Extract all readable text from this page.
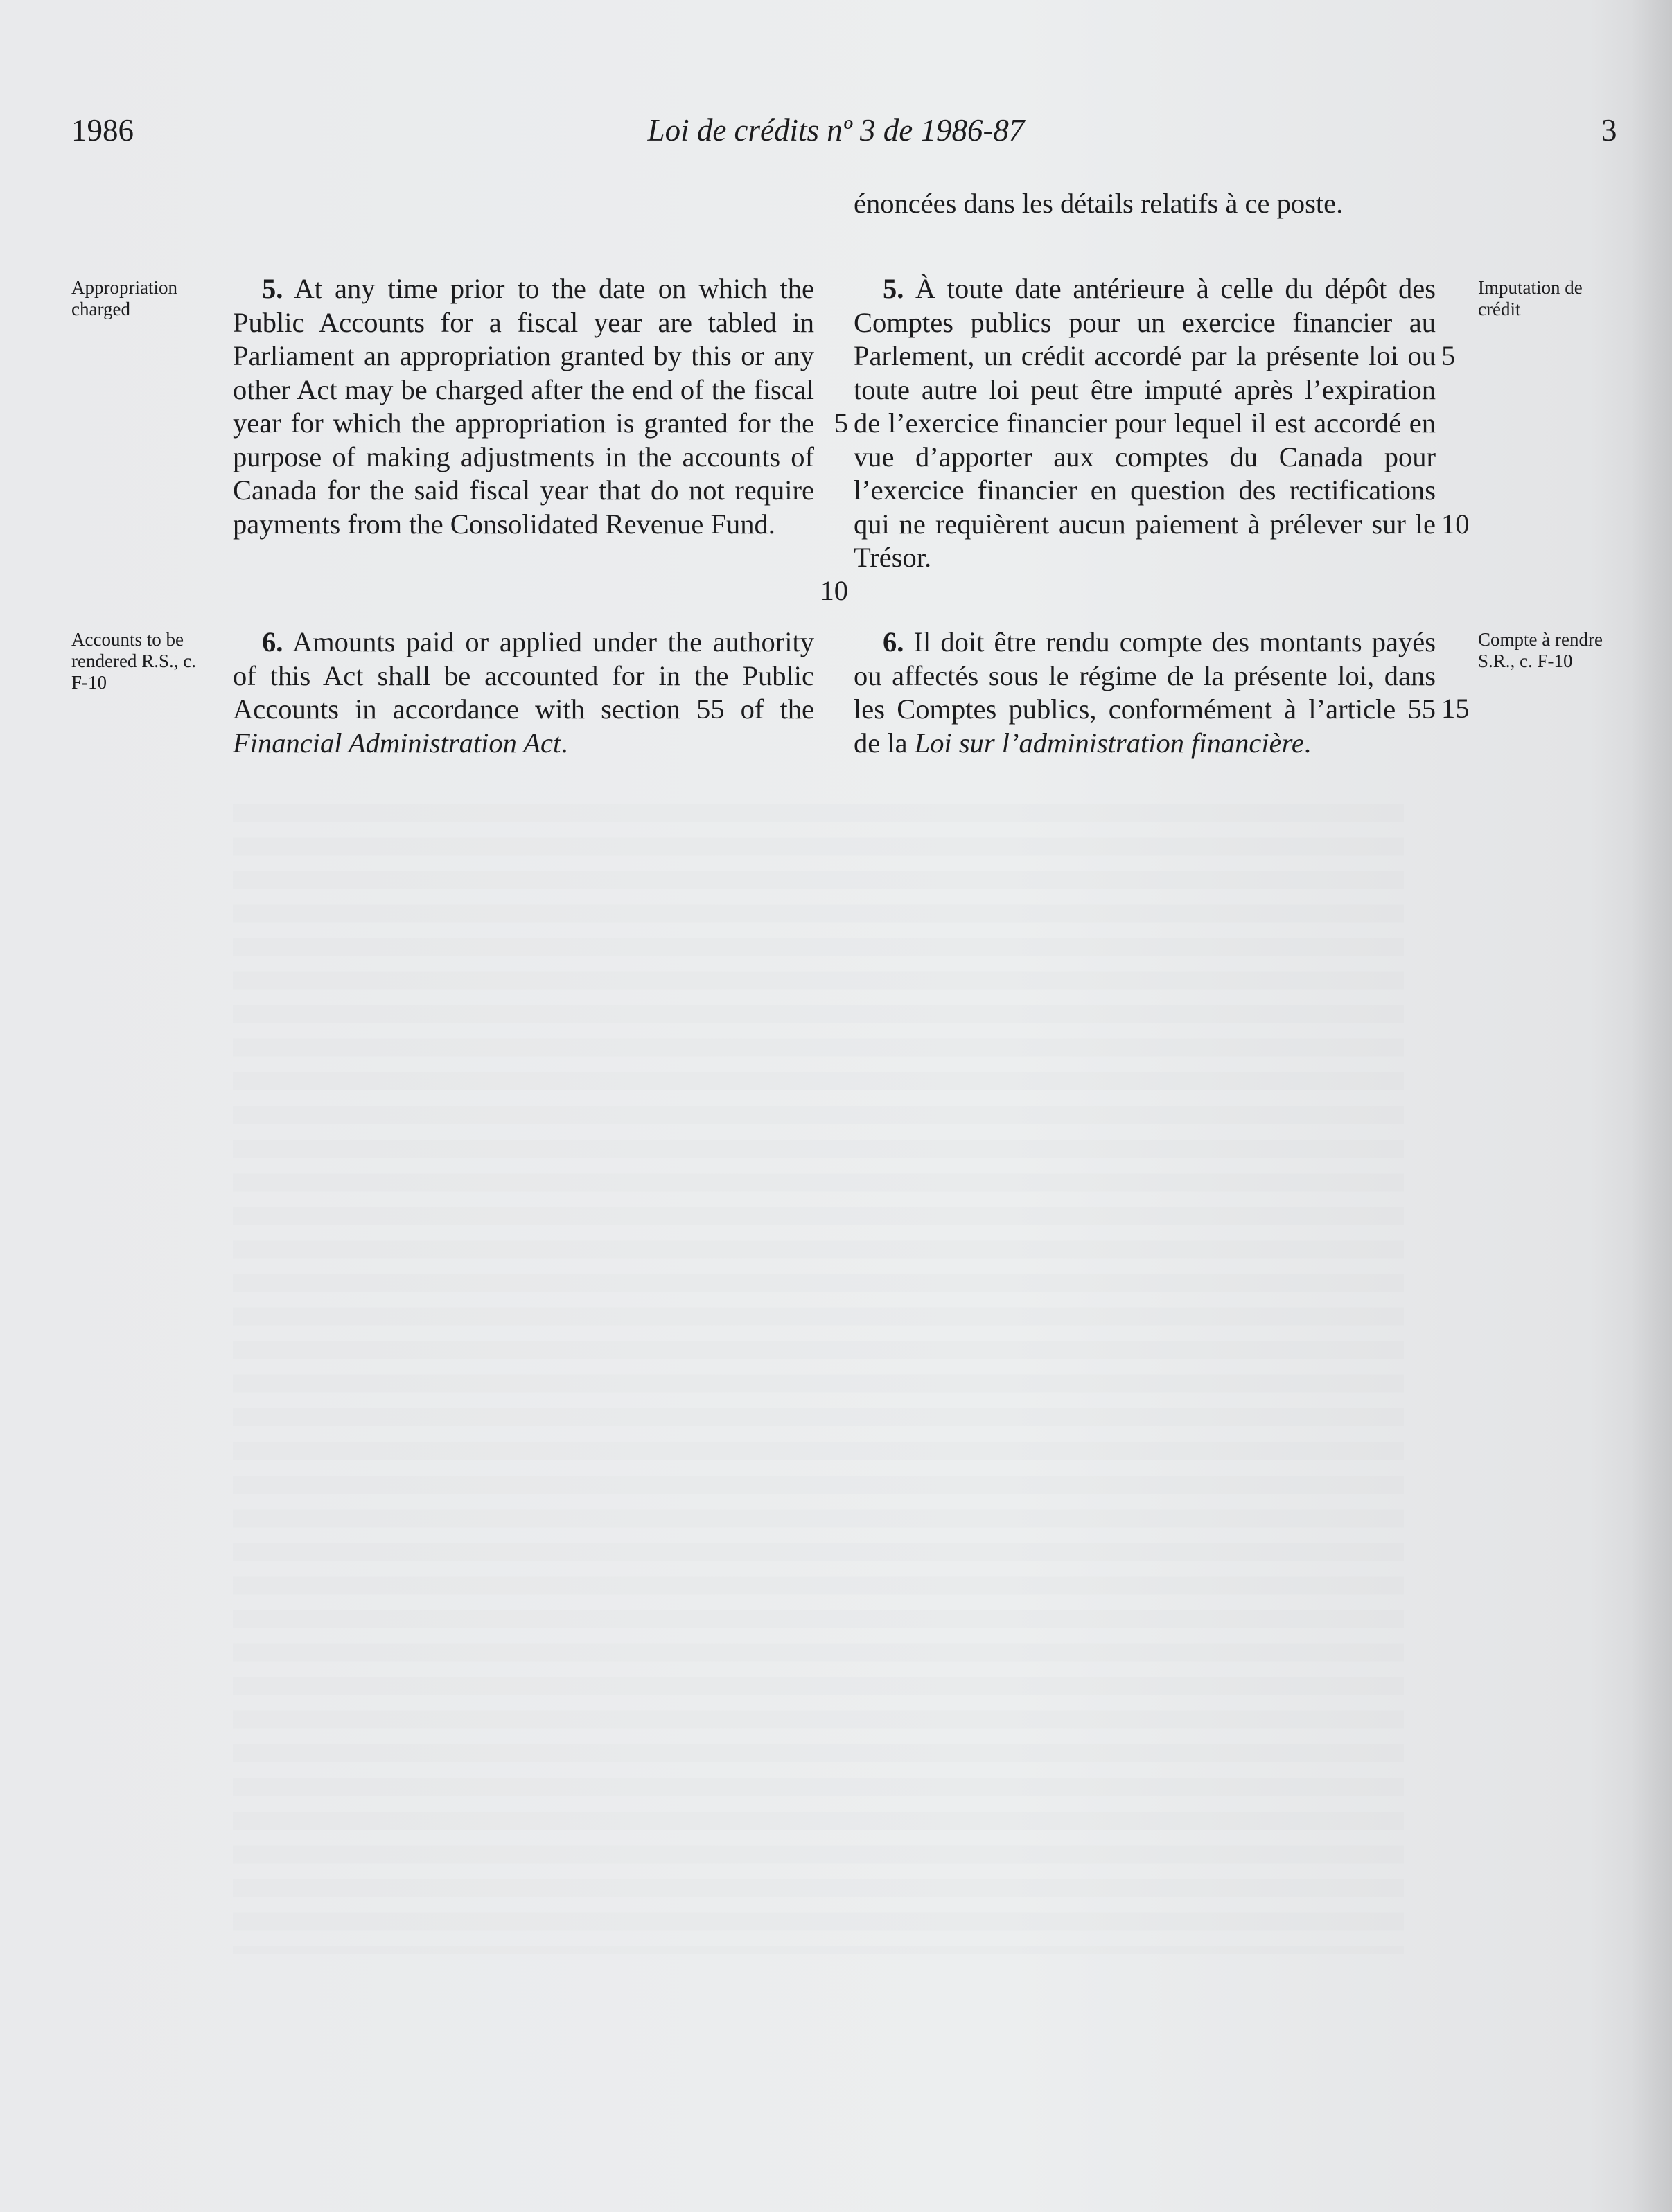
1986	Loi de crédits nº 3 de 1986-87	3
Appropriation charged
Accounts to be rendered R.S., c. F-10
Imputation de crédit
Compte à rendre S.R., c. F-10

5. At any time prior to the date on which the Public Accounts for a fiscal year are tabled in Parliament an appropriation granted by this or any other Act may be charged after the end of the fiscal year for which the appropriation is granted for the purpose of making adjustments in the accounts of Canada for the said fiscal year that do not require payments from the Consolidated Revenue Fund.

6. Amounts paid or applied under the authority of this Act shall be accounted for in the Public Accounts in accordance with section 55 of the Financial Administration Act.

énoncées dans les détails relatifs à ce poste.

5. À toute date antérieure à celle du dépôt des Comptes publics pour un exercice financier au Parlement, un crédit accordé par la présente loi ou toute autre loi peut être imputé après l’expiration de l’exercice financier pour lequel il est accordé en vue d’apporter aux comptes du Canada pour l’exercice financier en question des rectifications qui ne requièrent aucun paiement à prélever sur le Trésor.

6. Il doit être rendu compte des montants payés ou affectés sous le régime de la présente loi, dans les Comptes publics, conformément à l’article 55 de la Loi sur l’administration financière.

5
10
5
10
15
